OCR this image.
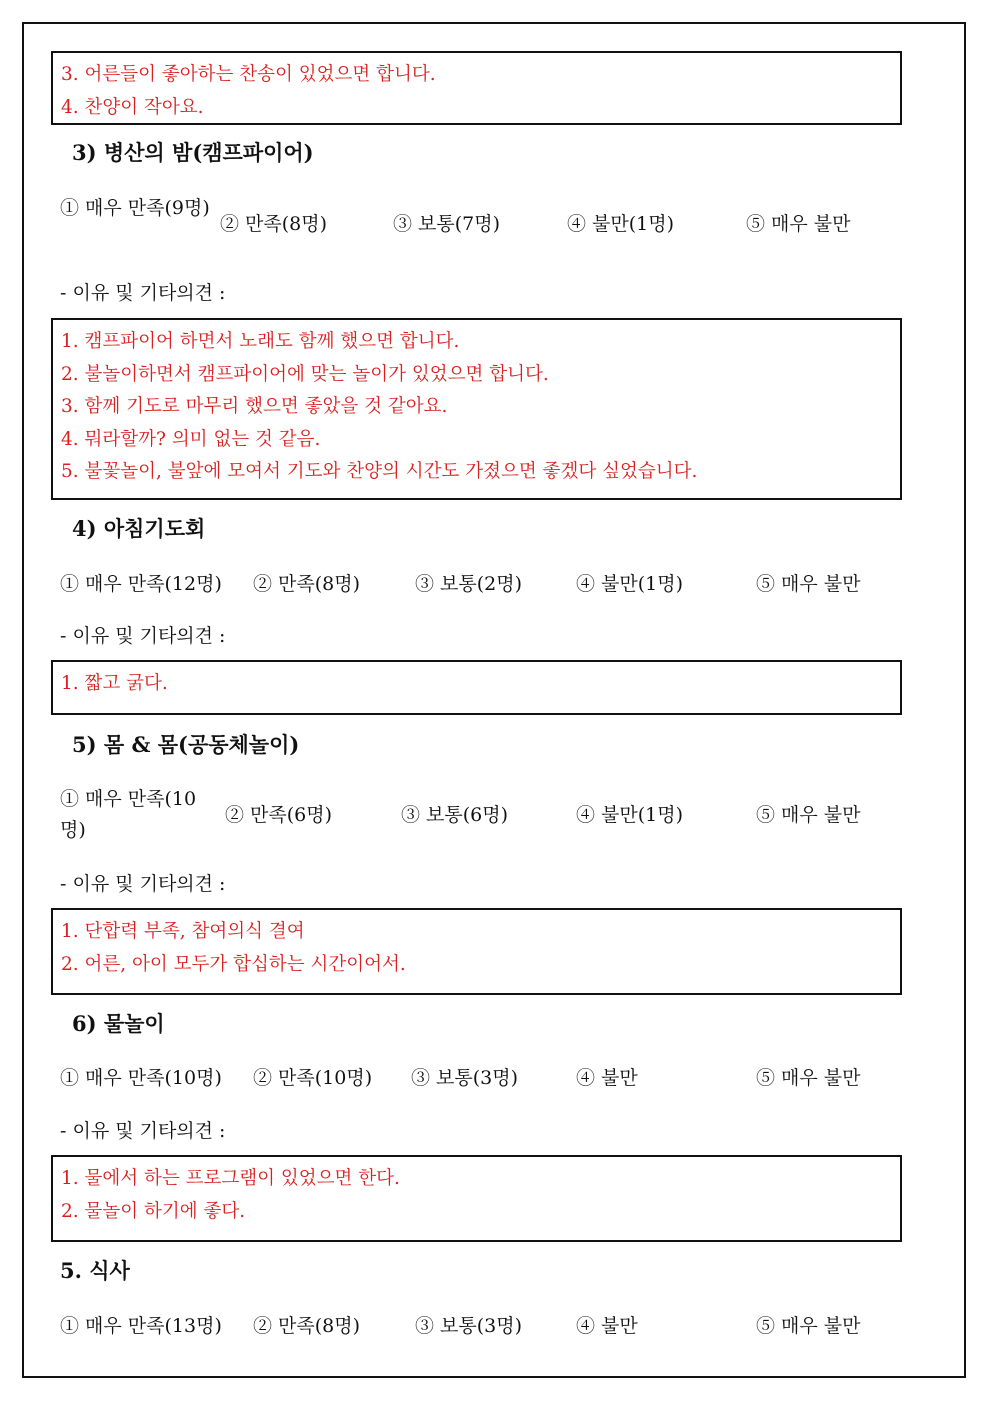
3. 어른들이 좋아하는 찬송이 있었으면 합니다.
4. 찬양이 작아요.
3) 병산의 밤(캠프파이어)
① 매우 만족(9명)
② 만족(8명)	③ 보통(7명)	④ 불만(1명)	⑤ 매우 불만
- 이유 및 기타의견 :
1. 캠프파이어 하면서 노래도 함께 했으면 합니다.
2. 불놀이하면서 캠프파이어에 맞는 놀이가 있었으면 합니다.
3. 함께 기도로 마무리 했으면 좋았을 것 같아요.
4. 뭐라할까? 의미 없는 것 같음.
5. 불꽃놀이, 불앞에 모여서 기도와 찬양의 시간도 가졌으면 좋겠다 싶었습니다.
4) 아침기도회
① 매우 만족(12명) ② 만족(8명)	③ 보통(2명)	④ 불만(1명)	⑤ 매우 불만
- 이유 및 기타의견 :
1. 짧고 굵다.
5) 몸 & 몸(공동체놀이)
① 매우 만족(10명)
② 만족(6명)	③ 보통(6명)	④ 불만(1명)	⑤ 매우 불만
- 이유 및 기타의견 :
1. 단합력 부족, 참여의식 결여
2. 어른, 아이 모두가 합십하는 시간이어서.
6) 물놀이
① 매우 만족(10명) ② 만족(10명) ③ 보통(3명)	④ 불만	⑤ 매우 불만
- 이유 및 기타의견 :
1. 물에서 하는 프로그램이 있었으면 한다.
2. 물놀이 하기에 좋다.
5. 식사
① 매우 만족(13명) ② 만족(8명)	③ 보통(3명)	④ 불만	⑤ 매우 불만
